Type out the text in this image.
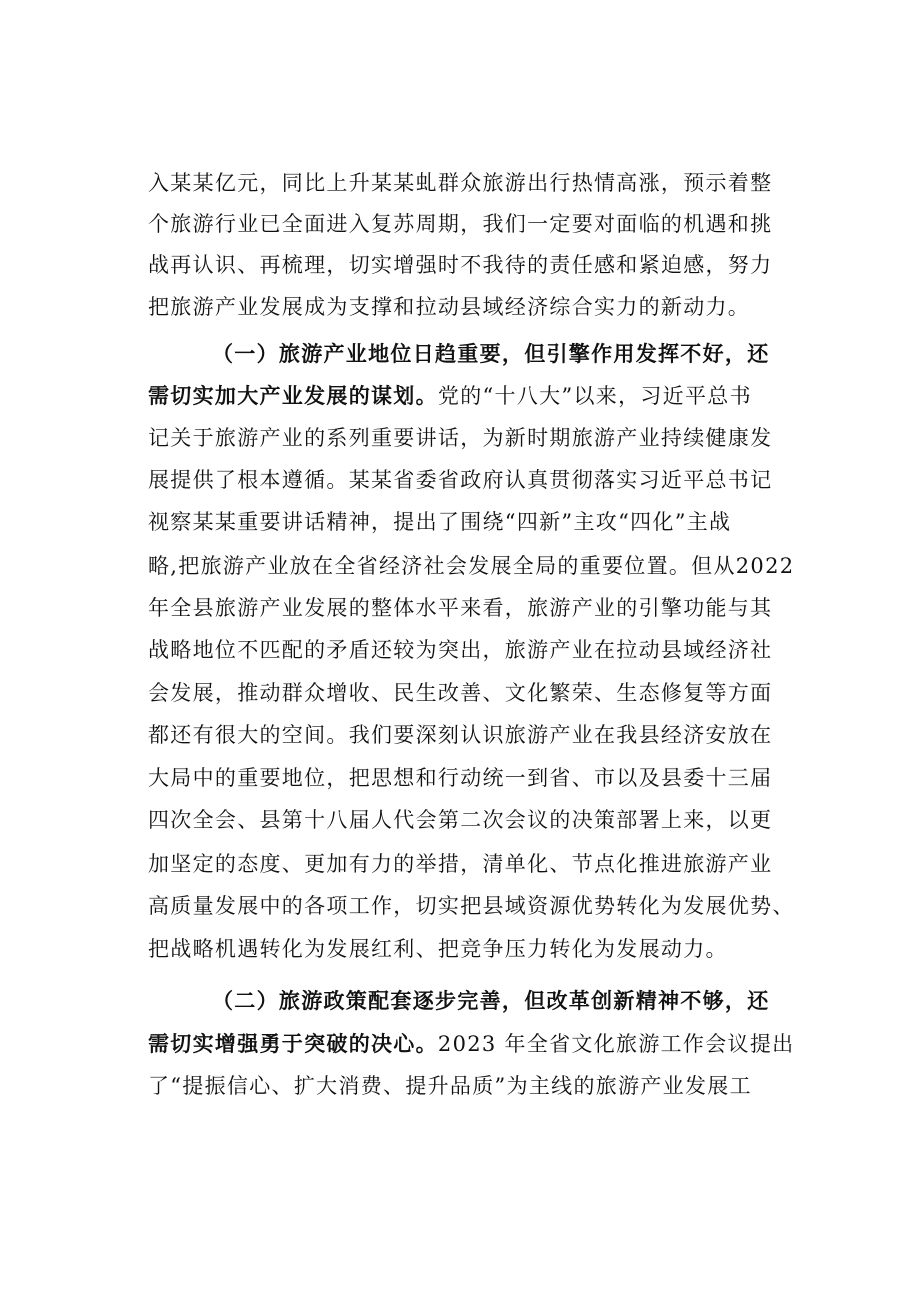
入某某亿元，同比上升某某虬群众旅游出行热情高涨，预示着整
个旅游行业已全面进入复苏周期，我们一定要对面临的机遇和挑
战再认识、再梳理，切实增强时不我待的责任感和紧迫感，努力
把旅游产业发展成为支撑和拉动县域经济综合实力的新动力。
（一）旅游产业地位日趋重要，但引擎作用发挥不好，还
需切实加大产业发展的谋划。党的“十八大”以来，习近平总书
记关于旅游产业的系列重要讲话，为新时期旅游产业持续健康发
展提供了根本遵循。某某省委省政府认真贯彻落实习近平总书记
视察某某重要讲话精神，提出了围绕“四新”主攻“四化”主战
略,把旅游产业放在全省经济社会发展全局的重要位置。但从2022
年全县旅游产业发展的整体水平来看，旅游产业的引擎功能与其
战略地位不匹配的矛盾还较为突出，旅游产业在拉动县域经济社
会发展，推动群众增收、民生改善、文化繁荣、生态修复等方面
都还有很大的空间。我们要深刻认识旅游产业在我县经济安放在
大局中的重要地位，把思想和行动统一到省、市以及县委十三届
四次全会、县第十八届人代会第二次会议的决策部署上来，以更
加坚定的态度、更加有力的举措，清单化、节点化推进旅游产业
高质量发展中的各项工作，切实把县域资源优势转化为发展优势、
把战略机遇转化为发展红利、把竞争压力转化为发展动力。
（二）旅游政策配套逐步完善，但改革创新精神不够，还
需切实增强勇于突破的决心。2023 年全省文化旅游工作会议提出
了“提振信心、扩大消费、提升品质”为主线的旅游产业发展工
